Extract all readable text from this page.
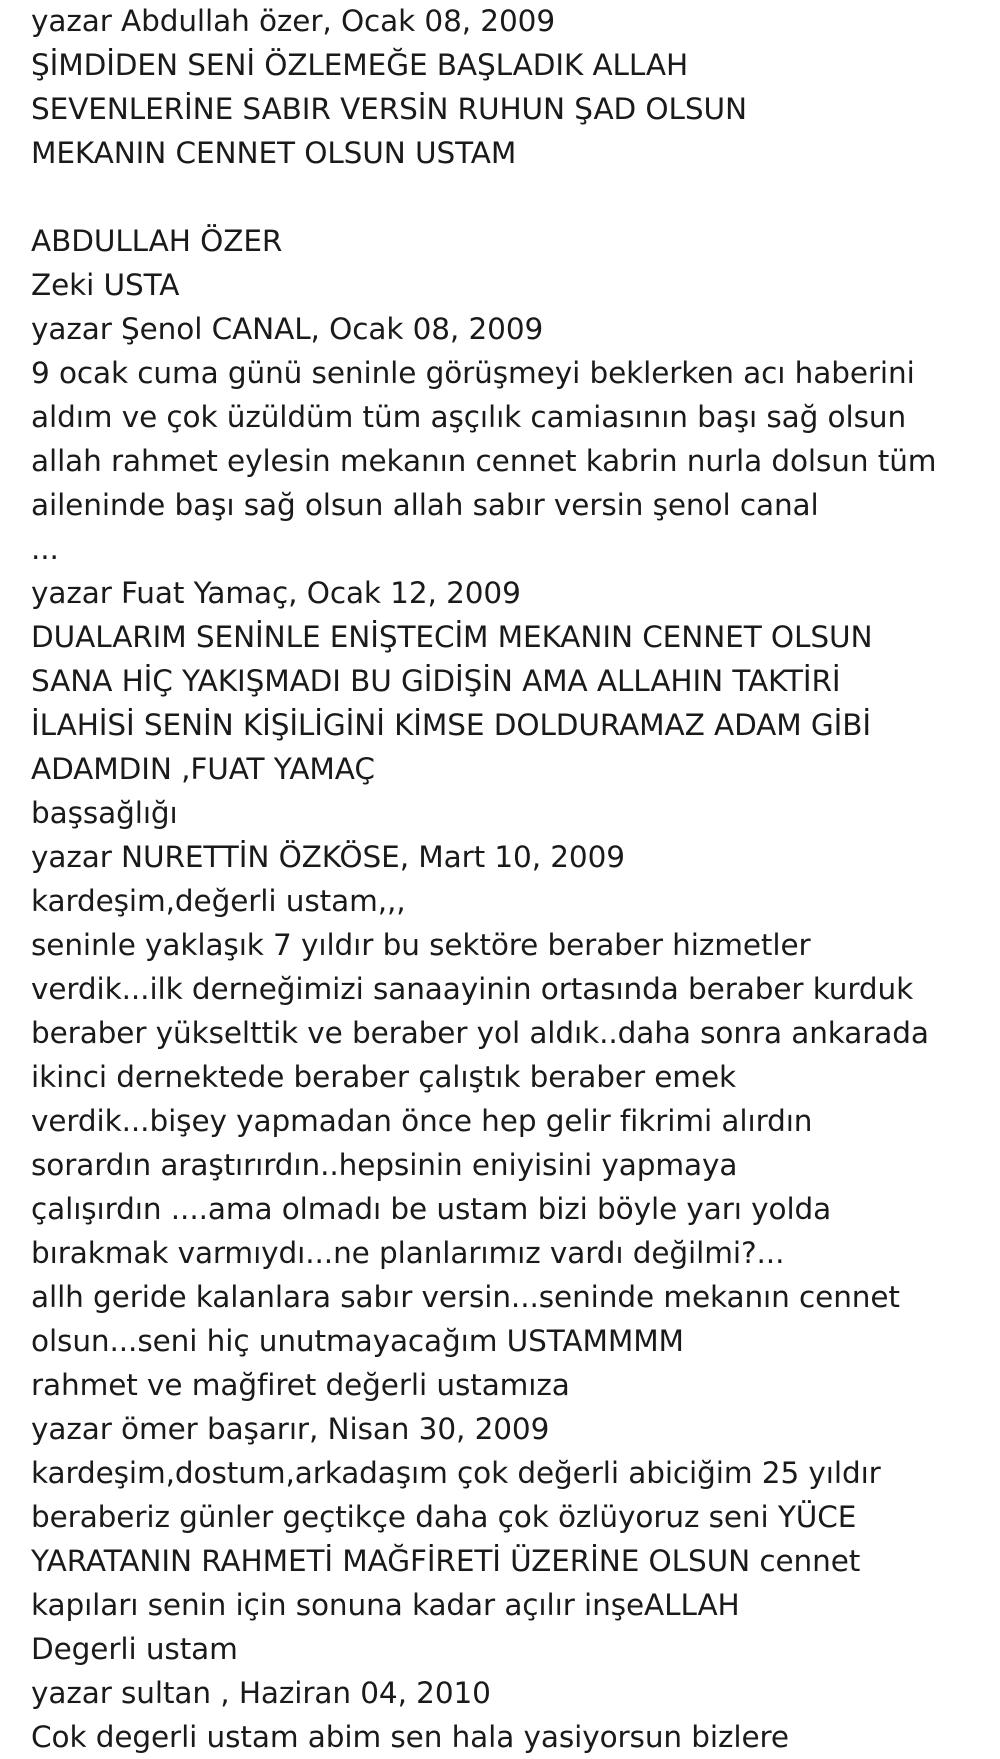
yazar Abdullah özer, Ocak 08, 2009
ŞİMDİDEN SENİ ÖZLEMEĞE BAŞLADIK ALLAH
SEVENLERİNE SABIR VERSİN RUHUN ŞAD OLSUN
MEKANIN CENNET OLSUN USTAM
ABDULLAH ÖZER
Zeki USTA
yazar Şenol CANAL, Ocak 08, 2009
9 ocak cuma günü seninle görüşmeyi beklerken acı haberini
aldım ve çok üzüldüm tüm aşçılık camiasının başı sağ olsun
allah rahmet eylesin mekanın cennet kabrin nurla dolsun tüm
aileninde başı sağ olsun allah sabır versin şenol canal
...
yazar Fuat Yamaç, Ocak 12, 2009
DUALARIM SENİNLE ENİŞTECİM MEKANIN CENNET OLSUN
SANA HİÇ YAKIŞMADI BU GİDİŞİN AMA ALLAHIN TAKTİRİ
İLAHİSİ SENİN KİŞİLİGİNİ KİMSE DOLDURAMAZ ADAM GİBİ
ADAMDIN ,FUAT YAMAÇ
başsağlığı
yazar NURETTİN ÖZKÖSE, Mart 10, 2009
kardeşim,değerli ustam,,,
seninle yaklaşık 7 yıldır bu sektöre beraber hizmetler
verdik...ilk derneğimizi sanaayinin ortasında beraber kurduk
beraber yükselttik ve beraber yol aldık..daha sonra ankarada
ikinci dernektede beraber çalıştık beraber emek
verdik...bişey yapmadan önce hep gelir fikrimi alırdın
sorardın araştırırdın..hepsinin eniyisini yapmaya
çalışırdın ....ama olmadı be ustam bizi böyle yarı yolda
bırakmak varmıydı...ne planlarımız vardı değilmi?...
allh geride kalanlara sabır versin...seninde mekanın cennet
olsun...seni hiç unutmayacağım USTAMMMM
rahmet ve mağfiret değerli ustamıza
yazar ömer başarır, Nisan 30, 2009
kardeşim,dostum,arkadaşım çok değerli abiciğim 25 yıldır
beraberiz günler geçtikçe daha çok özlüyoruz seni YÜCE
YARATANIN RAHMETİ MAĞFİRETİ ÜZERİNE OLSUN cennet
kapıları senin için sonuna kadar açılır inşeALLAH
Degerli ustam
yazar sultan , Haziran 04, 2010
Cok degerli ustam abim sen hala yasiyorsun bizlere
